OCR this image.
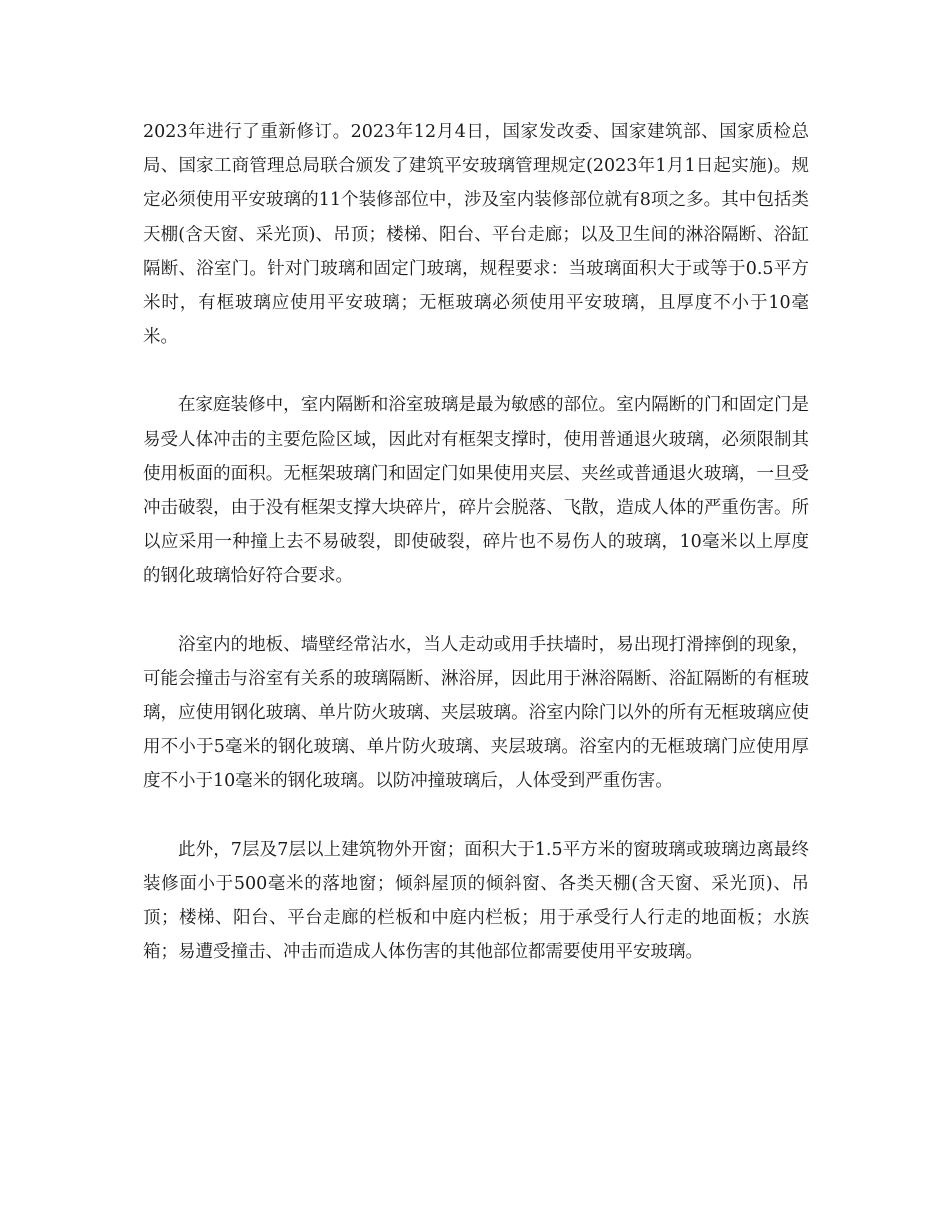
2023年进行了重新修订。2023年12月4日，国家发改委、国家建筑部、国家质检总局、国家工商管理总局联合颁发了建筑平安玻璃管理规定(2023年1月1日起实施)。规定必须使用平安玻璃的11个装修部位中，涉及室内装修部位就有8项之多。其中包括类天棚(含天窗、采光顶)、吊顶；楼梯、阳台、平台走廊；以及卫生间的淋浴隔断、浴缸隔断、浴室门。针对门玻璃和固定门玻璃，规程要求：当玻璃面积大于或等于0.5平方米时，有框玻璃应使用平安玻璃；无框玻璃必须使用平安玻璃，且厚度不小于10毫米。

在家庭装修中，室内隔断和浴室玻璃是最为敏感的部位。室内隔断的门和固定门是易受人体冲击的主要危险区域，因此对有框架支撑时，使用普通退火玻璃，必须限制其使用板面的面积。无框架玻璃门和固定门如果使用夹层、夹丝或普通退火玻璃，一旦受冲击破裂，由于没有框架支撑大块碎片，碎片会脱落、飞散，造成人体的严重伤害。所以应采用一种撞上去不易破裂，即使破裂，碎片也不易伤人的玻璃，10毫米以上厚度的钢化玻璃恰好符合要求。

浴室内的地板、墙壁经常沾水，当人走动或用手扶墙时，易出现打滑摔倒的现象，可能会撞击与浴室有关系的玻璃隔断、淋浴屏，因此用于淋浴隔断、浴缸隔断的有框玻璃，应使用钢化玻璃、单片防火玻璃、夹层玻璃。浴室内除门以外的所有无框玻璃应使用不小于5毫米的钢化玻璃、单片防火玻璃、夹层玻璃。浴室内的无框玻璃门应使用厚度不小于10毫米的钢化玻璃。以防冲撞玻璃后，人体受到严重伤害。

此外，7层及7层以上建筑物外开窗；面积大于1.5平方米的窗玻璃或玻璃边离最终装修面小于500毫米的落地窗；倾斜屋顶的倾斜窗、各类天棚(含天窗、采光顶)、吊顶；楼梯、阳台、平台走廊的栏板和中庭内栏板；用于承受行人行走的地面板；水族箱；易遭受撞击、冲击而造成人体伤害的其他部位都需要使用平安玻璃。
